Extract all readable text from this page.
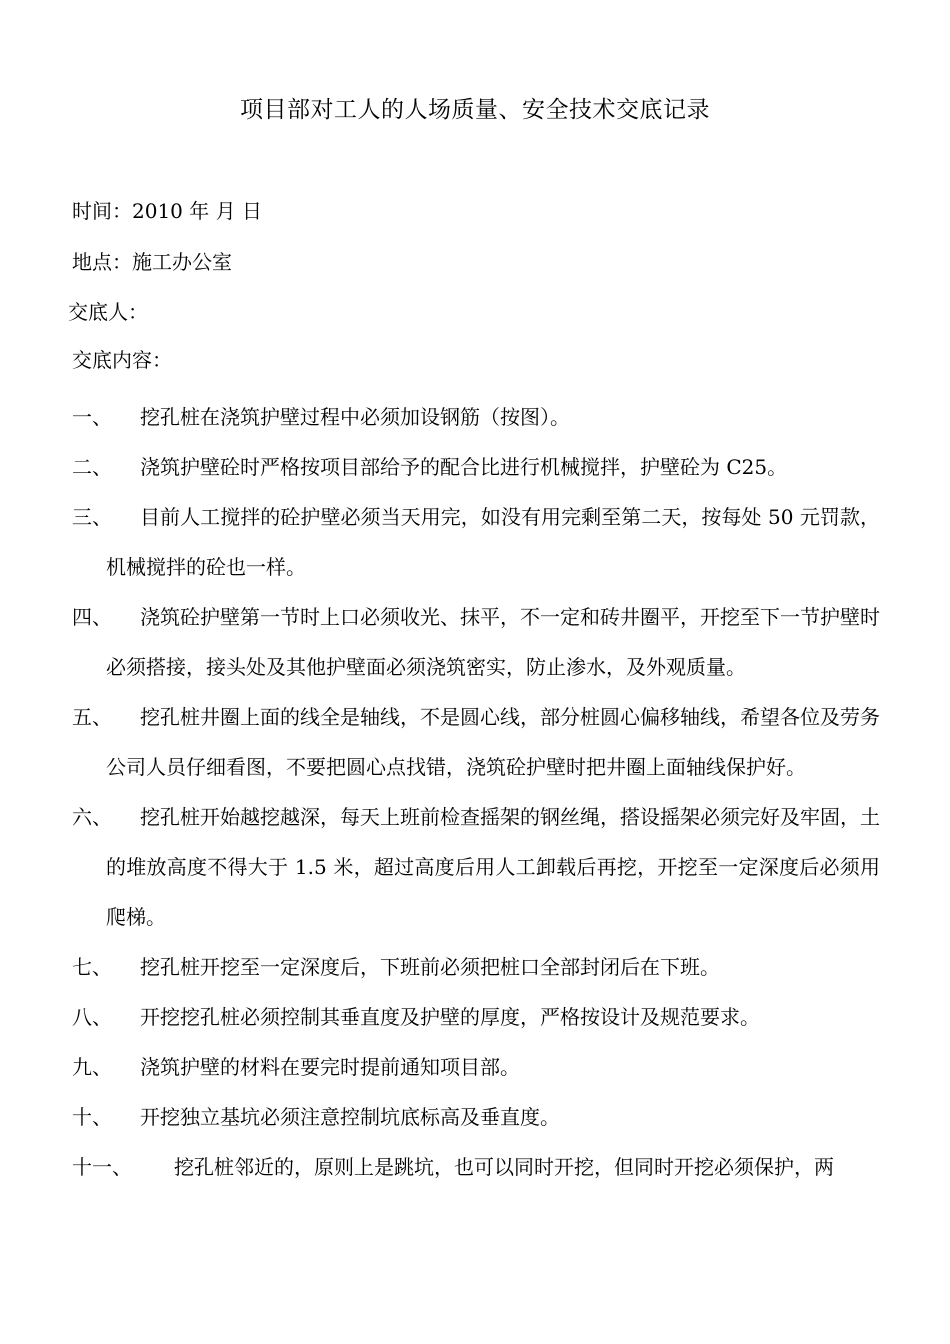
项目部对工人的人场质量、安全技术交底记录
时间：2010 年 月 日
地点：施工办公室
交底人：
交底内容：
一、	挖孔桩在浇筑护壁过程中必须加设钢筋（按图）。
二、	浇筑护壁砼时严格按项目部给予的配合比进行机械搅拌，护壁砼为 C25。
三、	目前人工搅拌的砼护壁必须当天用完，如没有用完剩至第二天，按每处 50 元罚款，机械搅拌的砼也一样。
四、	浇筑砼护壁第一节时上口必须收光、抹平，不一定和砖井圈平，开挖至下一节护壁时必须搭接，接头处及其他护壁面必须浇筑密实，防止渗水，及外观质量。
五、	挖孔桩井圈上面的线全是轴线，不是圆心线，部分桩圆心偏移轴线，希望各位及劳务公司人员仔细看图，不要把圆心点找错，浇筑砼护壁时把井圈上面轴线保护好。
六、	挖孔桩开始越挖越深，每天上班前检查摇架的钢丝绳，搭设摇架必须完好及牢固，土的堆放高度不得大于 1.5 米，超过高度后用人工卸载后再挖，开挖至一定深度后必须用爬梯。
七、	挖孔桩开挖至一定深度后，下班前必须把桩口全部封闭后在下班。
八、	开挖挖孔桩必须控制其垂直度及护壁的厚度，严格按设计及规范要求。
九、	浇筑护壁的材料在要完时提前通知项目部。
十、	开挖独立基坑必须注意控制坑底标高及垂直度。
十一、	挖孔桩邻近的，原则上是跳坑，也可以同时开挖，但同时开挖必须保护，两
